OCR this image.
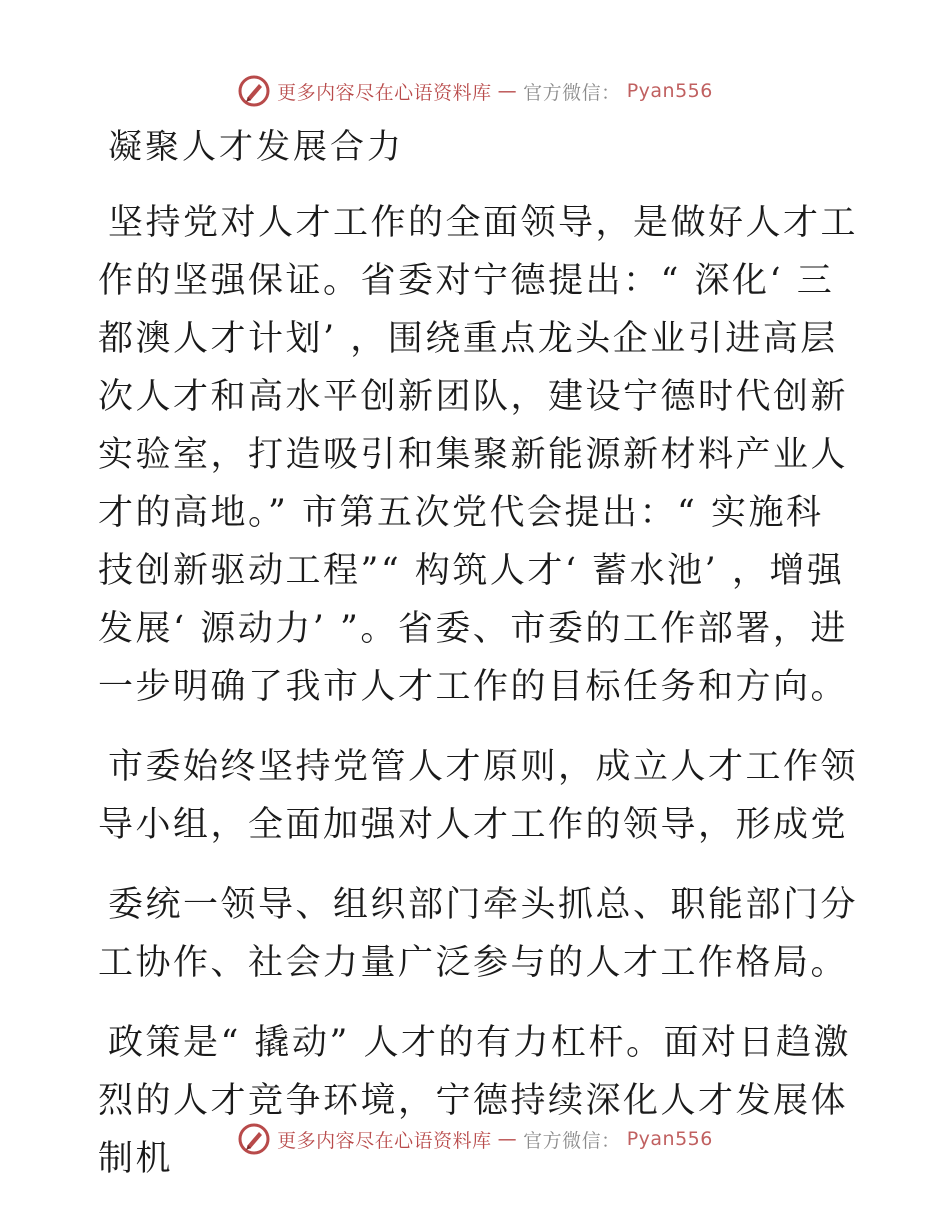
更多内容尽在心语资料库 — 官方微信： Pyan556
凝聚人才发展合力

坚持党对人才工作的全面领导，是做好人才工作的坚强保证。省委对宁德提出：“ 深化‘ 三都澳人才计划’ ，围绕重点龙头企业引进高层次人才和高水平创新团队，建设宁德时代创新实验室，打造吸引和集聚新能源新材料产业人才的高地。” 市第五次党代会提出：“ 实施科技创新驱动工程”“ 构筑人才‘ 蓄水池’ ，增强发展‘ 源动力’ ”。省委、市委的工作部署，进一步明确了我市人才工作的目标任务和方向。

市委始终坚持党管人才原则，成立人才工作领导小组，全面加强对人才工作的领导，形成党

委统一领导、组织部门牵头抓总、职能部门分工协作、社会力量广泛参与的人才工作格局。

政策是“ 撬动” 人才的有力杠杆。面对日趋激烈的人才竞争环境，宁德持续深化人才发展体制机	更多内容尽在心语资料库 — 官方微信： Pyan556
